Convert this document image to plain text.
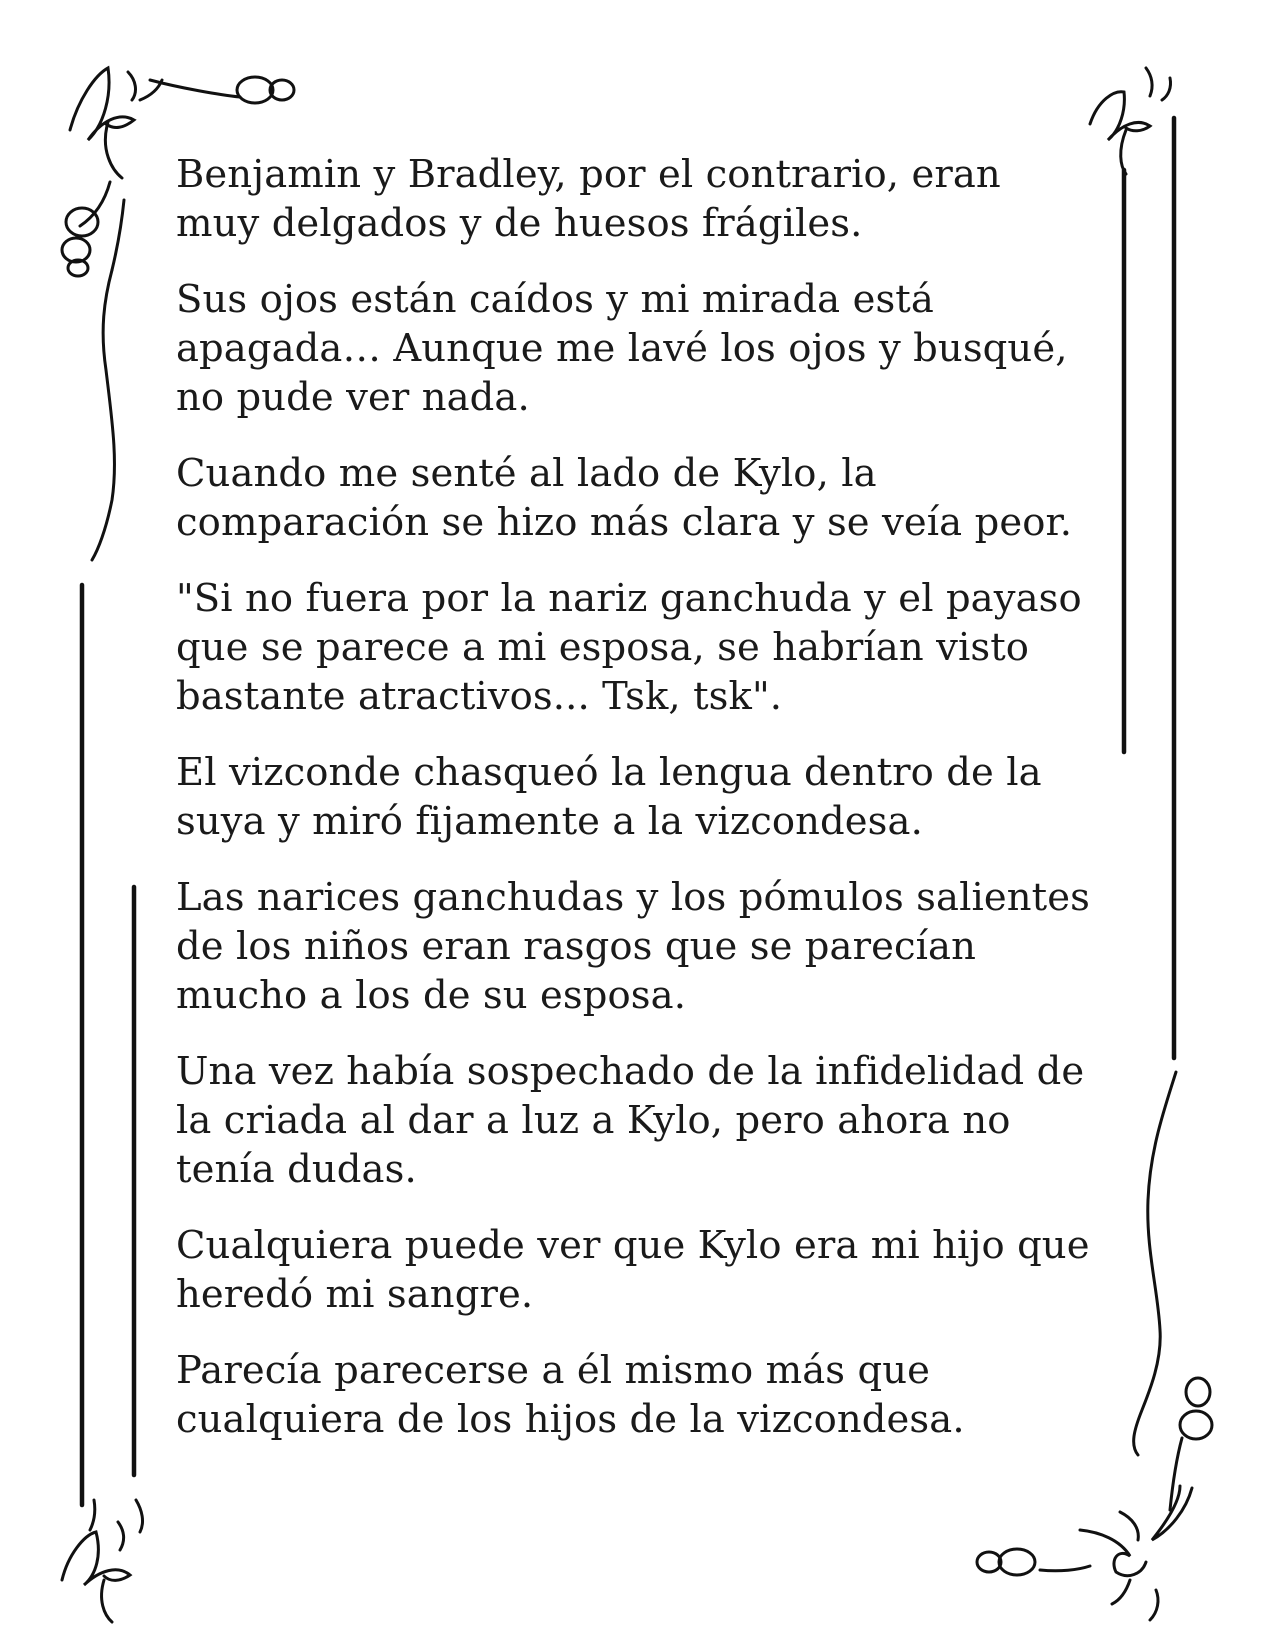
Benjamin y Bradley, por el contrario, eran muy delgados y de huesos frágiles.

Sus ojos están caídos y mi mirada está apagada… Aunque me lavé los ojos y busqué, no pude ver nada.

Cuando me senté al lado de Kylo, la comparación se hizo más clara y se veía peor.

"Si no fuera por la nariz ganchuda y el payaso que se parece a mi esposa, se habrían visto bastante atractivos... Tsk, tsk".

El vizconde chasqueó la lengua dentro de la suya y miró fijamente a la vizcondesa.

Las narices ganchudas y los pómulos salientes de los niños eran rasgos que se parecían mucho a los de su esposa.

Una vez había sospechado de la infidelidad de la criada al dar a luz a Kylo, pero ahora no tenía dudas.

Cualquiera puede ver que Kylo era mi hijo que heredó mi sangre.

Parecía parecerse a él mismo más que cualquiera de los hijos de la vizcondesa.
